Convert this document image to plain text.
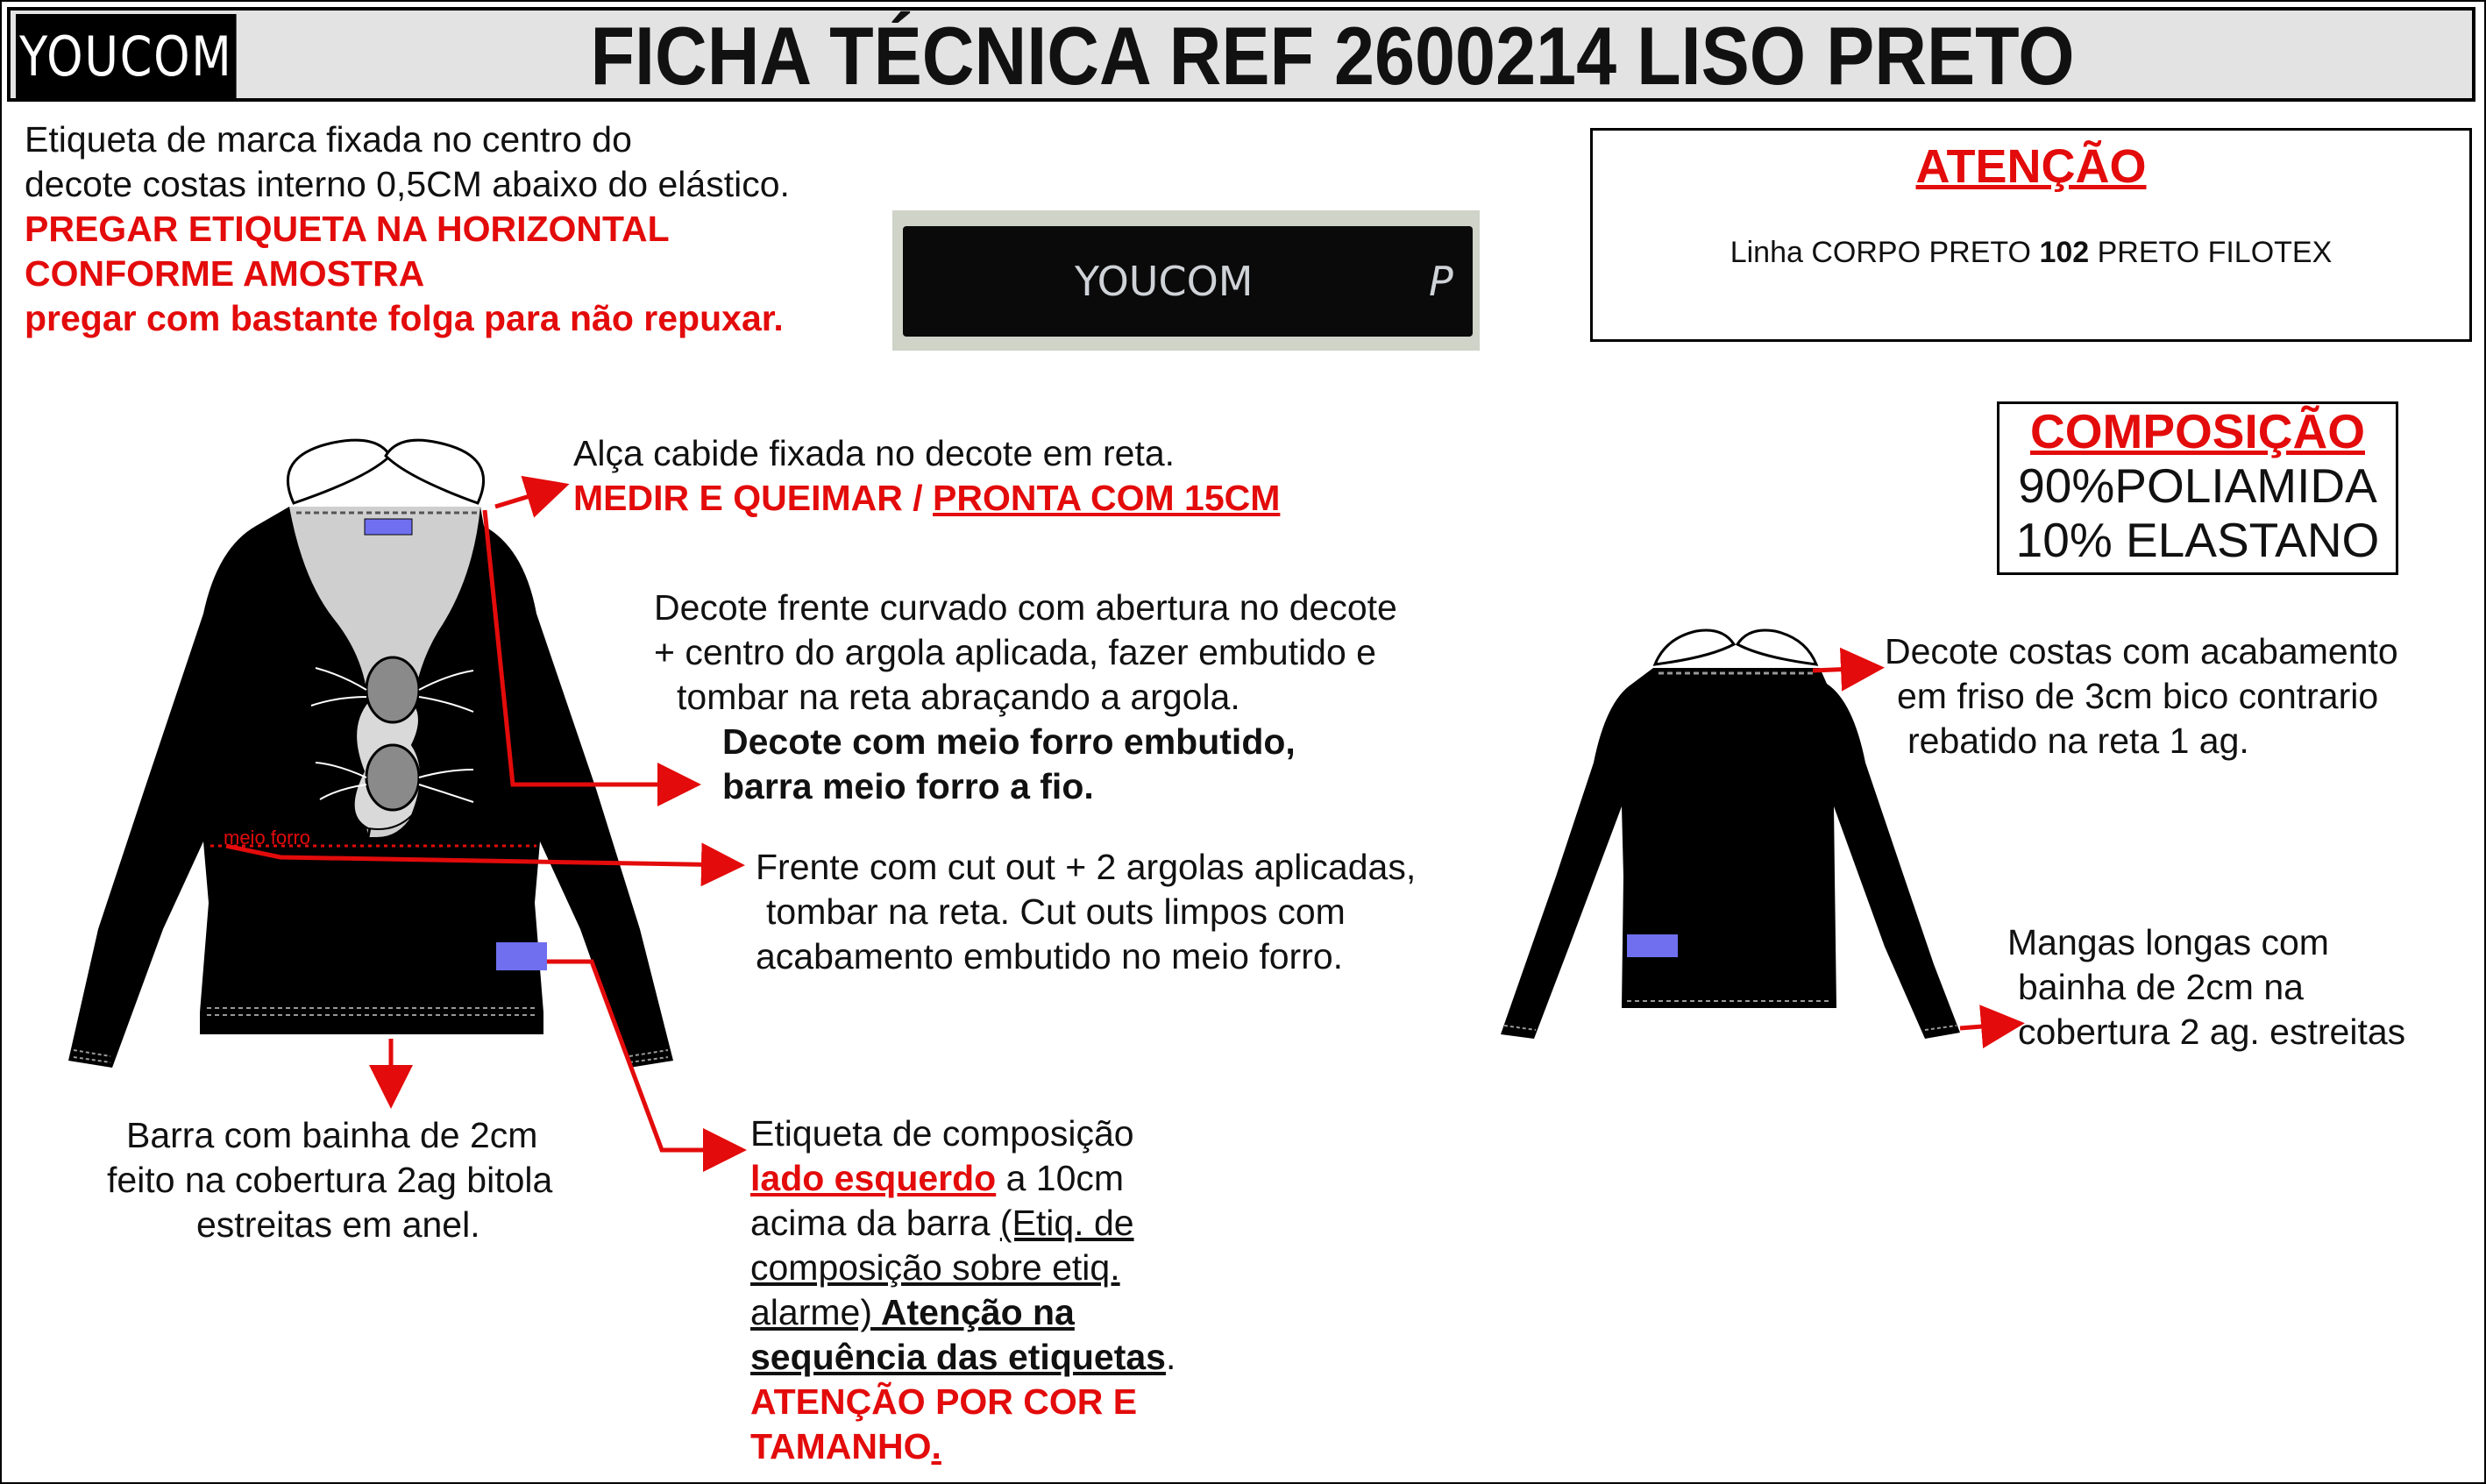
YOUCOM	FICHA TÉCNICA REF 2600214 LISO PRETO
Etiqueta de marca fixada no centro do
decote costas interno 0,5CM abaixo do elástico.
PREGAR ETIQUETA NA HORIZONTAL
CONFORME AMOSTRA
pregar com bastante folga para não repuxar.
YOUCOM	P
ATENÇÃO
Linha CORPO PRETO 102 PRETO FILOTEX
COMPOSIÇÃO
90%POLIAMIDA
10% ELASTANO
meio forro
Alça cabide fixada no decote em reta.
MEDIR E QUEIMAR / PRONTA COM 15CM
Decote frente curvado com abertura no decote
+ centro do argola aplicada, fazer embutido e
tombar na reta abraçando a argola.
Decote com meio forro embutido,
barra meio forro a fio.
Frente com cut out + 2 argolas aplicadas,
tombar na reta. Cut outs limpos com
acabamento embutido no meio forro.
Barra com bainha de 2cm
feito na cobertura 2ag bitola
estreitas em anel.
Etiqueta de composição
lado esquerdo a 10cm
acima da barra (Etiq. de
composição sobre etiq.
alarme) Atenção na
sequência das etiquetas.
ATENÇÃO POR COR E
TAMANHO.
Decote costas com acabamento
em friso de 3cm bico contrario
rebatido na reta 1 ag.
Mangas longas com
bainha de 2cm na
cobertura 2 ag. estreitas
